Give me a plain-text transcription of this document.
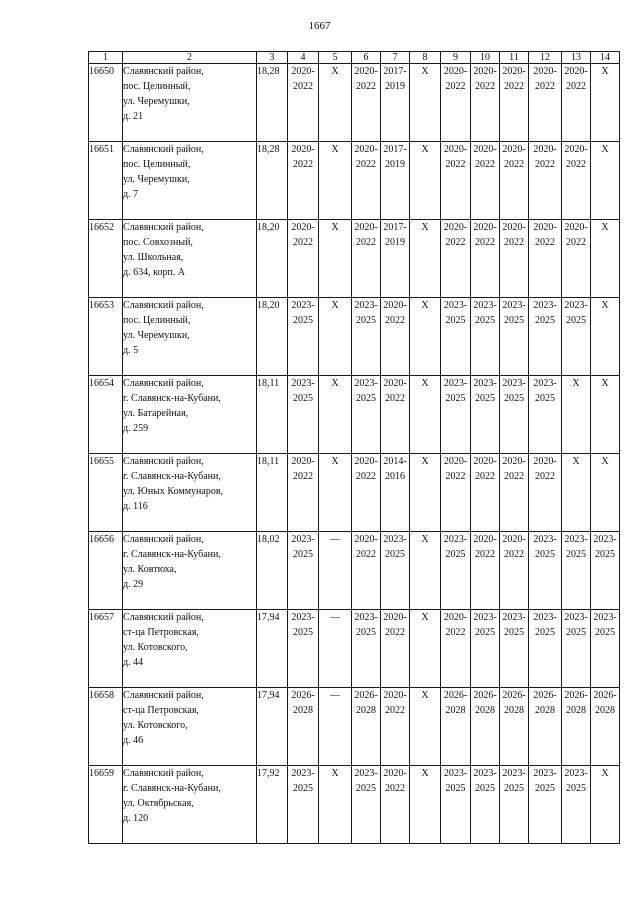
1667
1	2	3	4	5	6	7	8	9	10	11	12	13	14
16650	Славянский район,
пос. Целинный,
ул. Черемушки,
д. 21	18,28	2020-
2022	X	2020-
2022	2017-
2019	X	2020-
2022	2020-
2022	2020-
2022	2020-
2022	2020-
2022	X

16651	Славянский район,
пос. Целинный,
ул. Черемушки,
д. 7	18,28	2020-
2022	X	2020-
2022	2017-
2019	X	2020-
2022	2020-
2022	2020-
2022	2020-
2022	2020-
2022	X

16652	Славянский район,
пос. Совхозный,
ул. Школьная,
д. 634, корп. А	18,20	2020-
2022	X	2020-
2022	2017-
2019	X	2020-
2022	2020-
2022	2020-
2022	2020-
2022	2020-
2022	X

16653	Славянский район,
пос. Целинный,
ул. Черемушки,
д. 5	18,20	2023-
2025	X	2023-
2025	2020-
2022	X	2023-
2025	2023-
2025	2023-
2025	2023-
2025	2023-
2025	X

16654	Славянский район,
г. Славянск-на-Кубани,
ул. Батарейная,
д. 259	18,11	2023-
2025	X	2023-
2025	2020-
2022	X	2023-
2025	2023-
2025	2023-
2025	2023-
2025	X	X

16655	Славянский район,
г. Славянск-на-Кубани,
ул. Юных Коммунаров,
д. 116	18,11	2020-
2022	X	2020-
2022	2014-
2016	X	2020-
2022	2020-
2022	2020-
2022	2020-
2022	X	X

16656	Славянский район,
г. Славянск-на-Кубани,
ул. Ковтюха,
д. 29	18,02	2023-
2025	—	2020-
2022	2023-
2025	X	2023-
2025	2020-
2022	2020-
2022	2023-
2025	2023-
2025	2023-
2025

16657	Славянский район,
ст-ца Петровская,
ул. Котовского,
д. 44	17,94	2023-
2025	—	2023-
2025	2020-
2022	X	2020-
2022	2023-
2025	2023-
2025	2023-
2025	2023-
2025	2023-
2025

16658	Славянский район,
ст-ца Петровская,
ул. Котовского,
д. 46	17,94	2026-
2028	—	2026-
2028	2020-
2022	X	2026-
2028	2026-
2028	2026-
2028	2026-
2028	2026-
2028	2026-
2028

16659	Славянский район,
г. Славянск-на-Кубани,
ул. Октябрьская,
д. 120	17,92	2023-
2025	X	2023-
2025	2020-
2022	X	2023-
2025	2023-
2025	2023-
2025	2023-
2025	2023-
2025	X
